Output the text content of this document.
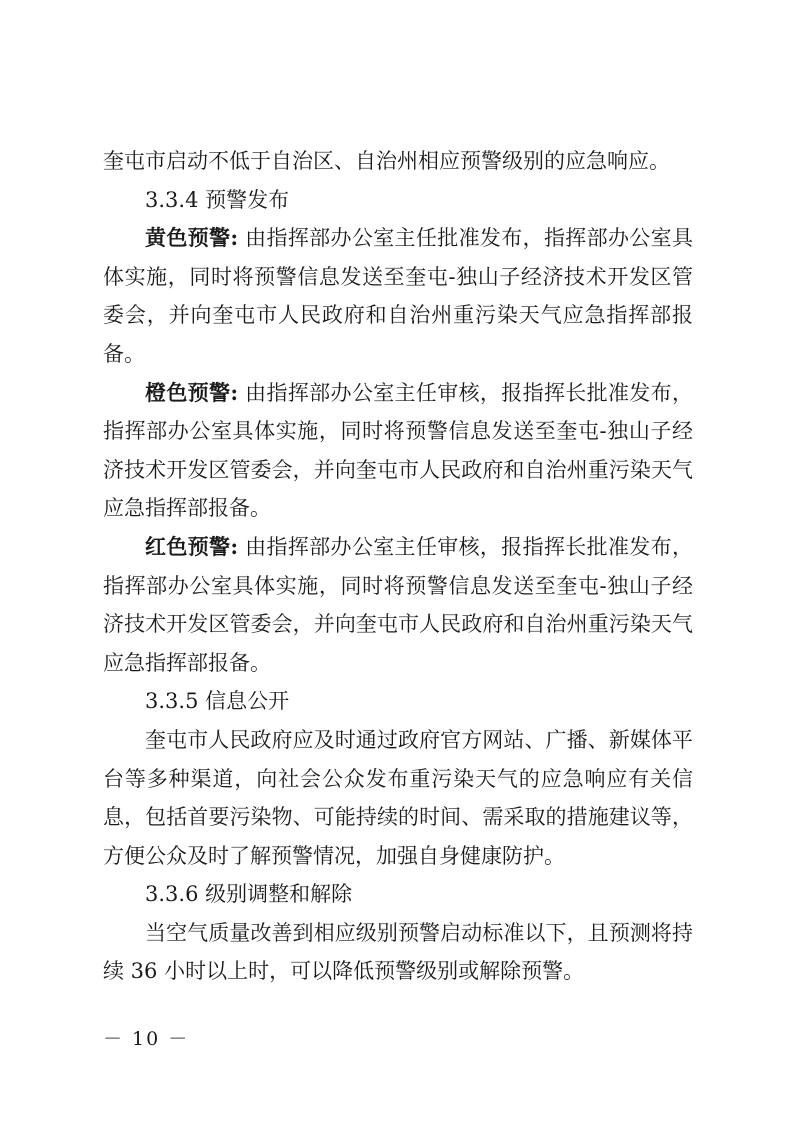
奎屯市启动不低于自治区、自治州相应预警级别的应急响应。

3.3.4 预警发布

黄色预警: 由指挥部办公室主任批准发布，指挥部办公室具体实施，同时将预警信息发送至奎屯-独山子经济技术开发区管委会，并向奎屯市人民政府和自治州重污染天气应急指挥部报备。

橙色预警: 由指挥部办公室主任审核，报指挥长批准发布，指挥部办公室具体实施，同时将预警信息发送至奎屯-独山子经济技术开发区管委会，并向奎屯市人民政府和自治州重污染天气应急指挥部报备。

红色预警: 由指挥部办公室主任审核，报指挥长批准发布，指挥部办公室具体实施，同时将预警信息发送至奎屯-独山子经济技术开发区管委会，并向奎屯市人民政府和自治州重污染天气应急指挥部报备。

3.3.5 信息公开

奎屯市人民政府应及时通过政府官方网站、广播、新媒体平台等多种渠道，向社会公众发布重污染天气的应急响应有关信息，包括首要污染物、可能持续的时间、需采取的措施建议等，方便公众及时了解预警情况，加强自身健康防护。

3.3.6 级别调整和解除

当空气质量改善到相应级别预警启动标准以下，且预测将持续 36 小时以上时，可以降低预警级别或解除预警。

－ 10 －
